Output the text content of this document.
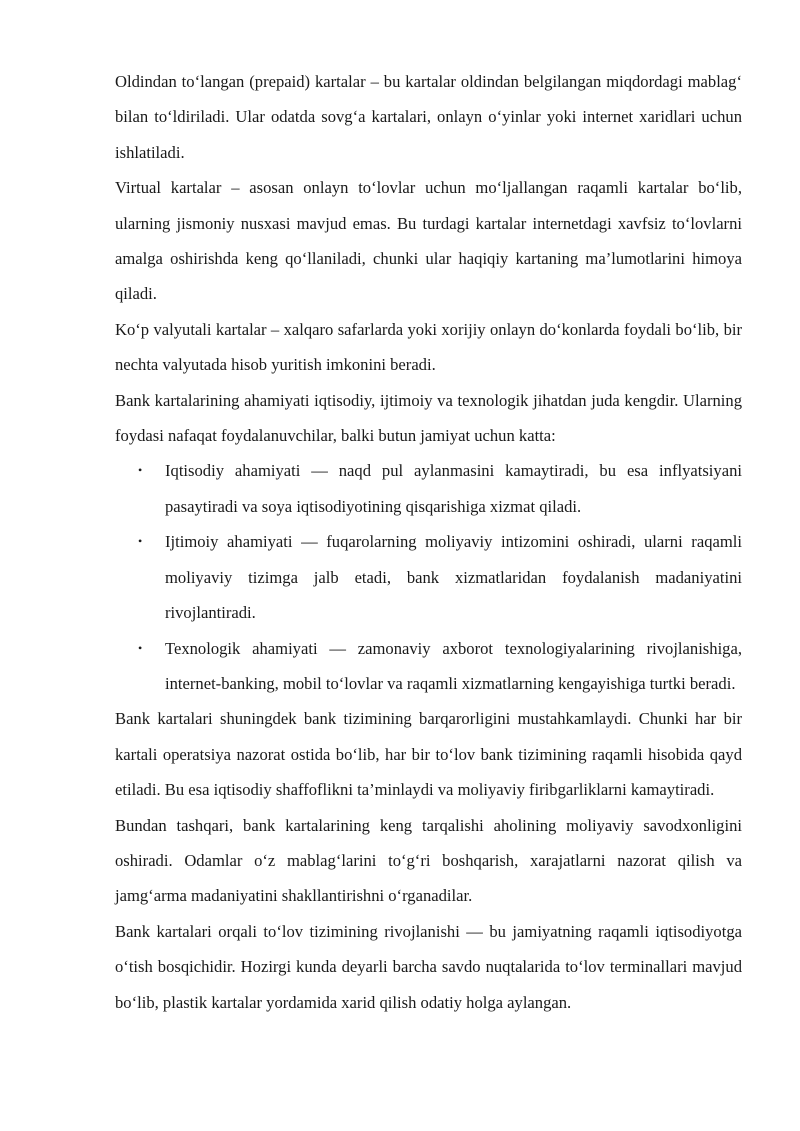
Oldindan to‘langan (prepaid) kartalar – bu kartalar oldindan belgilangan miqdordagi mablag‘ bilan to‘ldiriladi. Ular odatda sovg‘a kartalari, onlayn o‘yinlar yoki internet xaridlari uchun ishlatiladi.

Virtual kartalar – asosan onlayn to‘lovlar uchun mo‘ljallangan raqamli kartalar bo‘lib, ularning jismoniy nusxasi mavjud emas. Bu turdagi kartalar internetdagi xavfsiz to‘lovlarni amalga oshirishda keng qo‘llaniladi, chunki ular haqiqiy kartaning ma’lumotlarini himoya qiladi.

Ko‘p valyutali kartalar – xalqaro safarlarda yoki xorijiy onlayn do‘konlarda foydali bo‘lib, bir nechta valyutada hisob yuritish imkonini beradi.

Bank kartalarining ahamiyati iqtisodiy, ijtimoiy va texnologik jihatdan juda kengdir. Ularning foydasi nafaqat foydalanuvchilar, balki butun jamiyat uchun katta:

• Iqtisodiy ahamiyati — naqd pul aylanmasini kamaytiradi, bu esa inflyatsiyani pasaytiradi va soya iqtisodiyotining qisqarishiga xizmat qiladi.
• Ijtimoiy ahamiyati — fuqarolarning moliyaviy intizomini oshiradi, ularni raqamli moliyaviy tizimga jalb etadi, bank xizmatlaridan foydalanish madaniyatini rivojlantiradi.
• Texnologik ahamiyati — zamonaviy axborot texnologiyalarining rivojlanishiga, internet-banking, mobil to‘lovlar va raqamli xizmatlarning kengayishiga turtki beradi.

Bank kartalari shuningdek bank tizimining barqarorligini mustahkamlaydi. Chunki har bir kartali operatsiya nazorat ostida bo‘lib, har bir to‘lov bank tizimining raqamli hisobida qayd etiladi. Bu esa iqtisodiy shaffoflikni ta’minlaydi va moliyaviy firibgarliklarni kamaytiradi.

Bundan tashqari, bank kartalarining keng tarqalishi aholining moliyaviy savodxonligini oshiradi. Odamlar o‘z mablag‘larini to‘g‘ri boshqarish, xarajatlarni nazorat qilish va jamg‘arma madaniyatini shakllantirishni o‘rganadilar.

Bank kartalari orqali to‘lov tizimining rivojlanishi — bu jamiyatning raqamli iqtisodiyotga o‘tish bosqichidir. Hozirgi kunda deyarli barcha savdo nuqtalarida to‘lov terminallari mavjud bo‘lib, plastik kartalar yordamida xarid qilish odatiy holga aylangan.
